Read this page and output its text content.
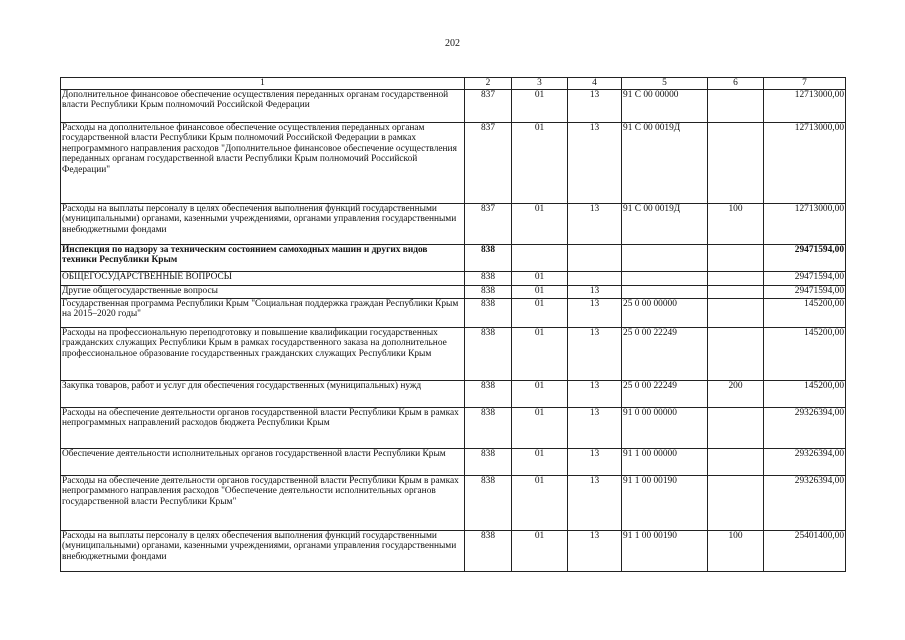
202
1	2	3	4	5	6	7
Дополнительное финансовое обеспечение осуществления переданных органам государственной власти Республики Крым полномочий Российской Федерации	837	01	13	91 С 00 00000		12713000,00
Расходы на дополнительное финансовое обеспечение осуществления переданных органам государственной власти Республики Крым полномочий Российской Федерации в рамках непрограммного направления расходов "Дополнительное финансовое обеспечение осуществления переданных органам государственной власти Республики Крым полномочий Российской Федерации"	837	01	13	91 С 00 0019Д		12713000,00
Расходы на выплаты персоналу в целях обеспечения выполнения функций государственными (муниципальными) органами, казенными учреждениями, органами управления государственными внебюджетными фондами	837	01	13	91 С 00 0019Д	100	12713000,00
Инспекция по надзору за техническим состоянием самоходных машин и других видов техники Республики Крым	838					29471594,00
ОБЩЕГОСУДАРСТВЕННЫЕ ВОПРОСЫ	838	01				29471594,00
Другие общегосударственные вопросы	838	01	13			29471594,00
Государственная программа Республики Крым "Социальная поддержка граждан Республики Крым на 2015–2020 годы"	838	01	13	25 0 00 00000		145200,00
Расходы на профессиональную переподготовку и повышение квалификации государственных гражданских служащих Республики Крым в рамках государственного заказа на дополнительное профессиональное образование государственных гражданских служащих Республики Крым	838	01	13	25 0 00 22249		145200,00
Закупка товаров, работ и услуг для обеспечения государственных (муниципальных) нужд	838	01	13	25 0 00 22249	200	145200,00
Расходы на обеспечение деятельности органов государственной власти Республики Крым в рамках непрограммных направлений расходов бюджета Республики Крым	838	01	13	91 0 00 00000		29326394,00
Обеспечение деятельности исполнительных органов государственной власти Республики Крым	838	01	13	91 1 00 00000		29326394,00
Расходы на обеспечение деятельности органов государственной власти Республики Крым в рамках непрограммного направления расходов "Обеспечение деятельности исполнительных органов государственной власти Республики Крым"	838	01	13	91 1 00 00190		29326394,00
Расходы на выплаты персоналу в целях обеспечения выполнения функций государственными (муниципальными) органами, казенными учреждениями, органами управления государственными внебюджетными фондами	838	01	13	91 1 00 00190	100	25401400,00
